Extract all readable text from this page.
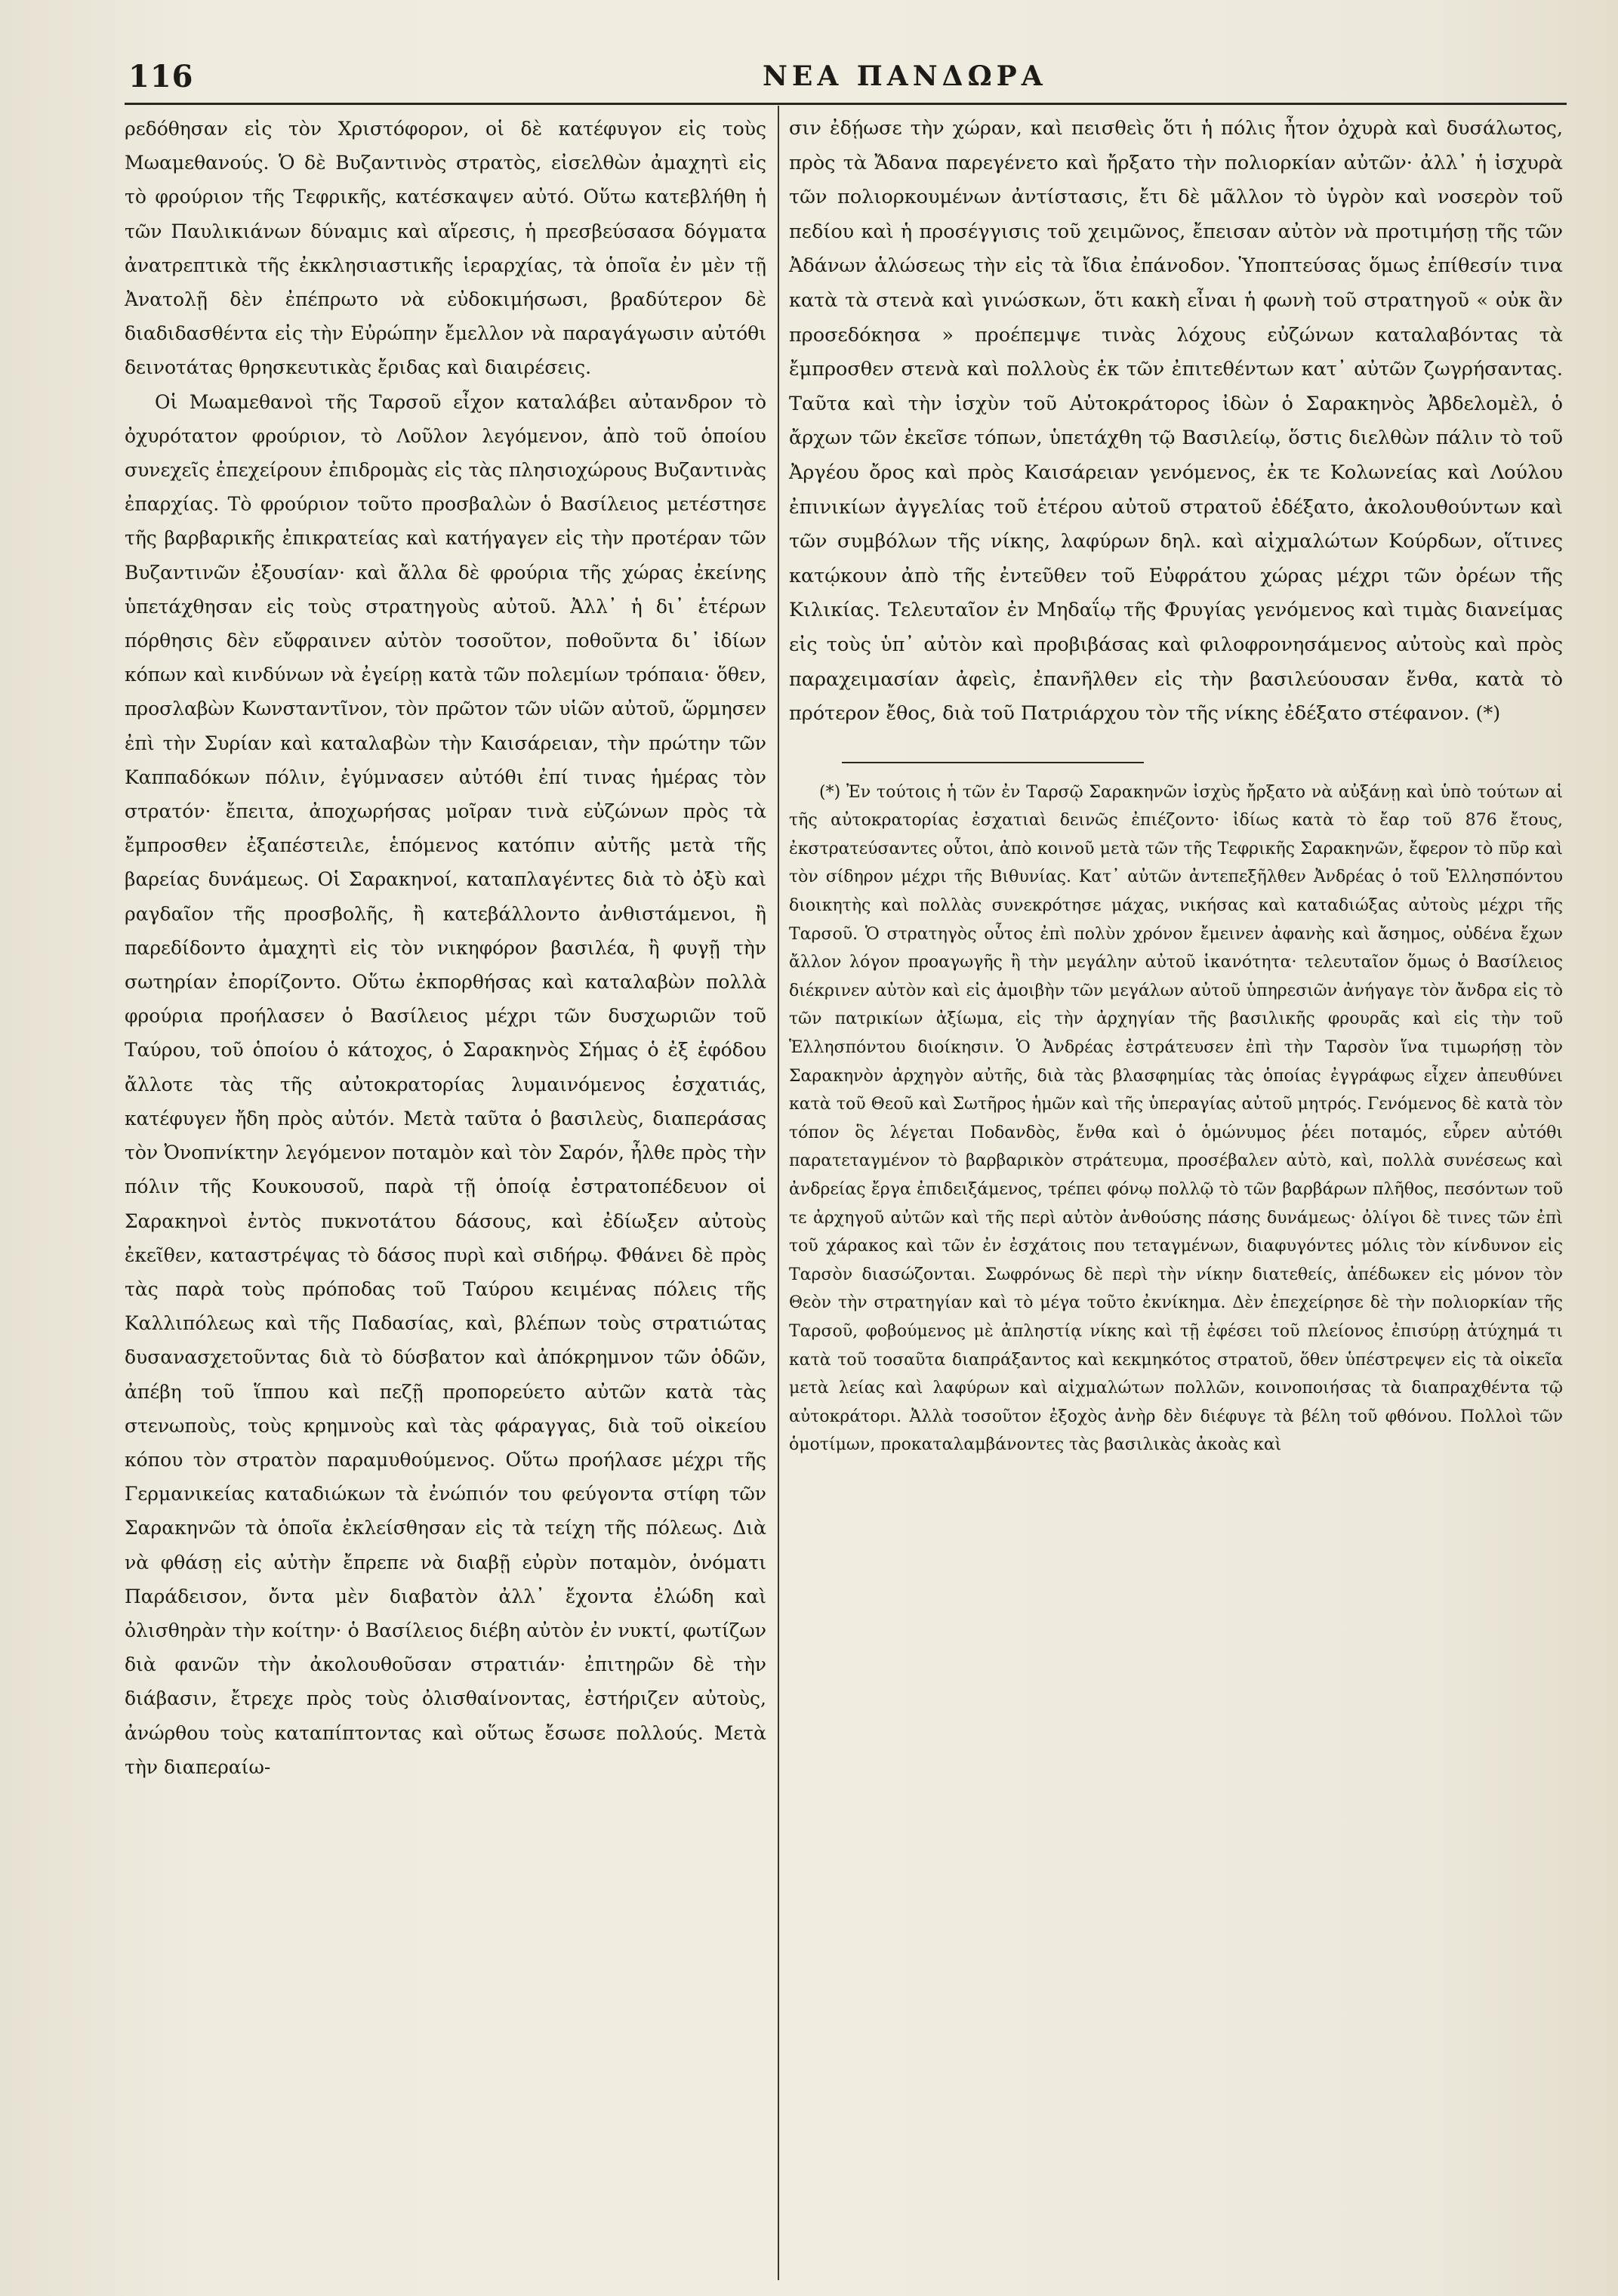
116	ΝΕΑ ΠΑΝΔΩΡΑ

ρεδόθησαν εἰς τὸν Χριστόφορον, οἱ δὲ κατέφυγον εἰς τοὺς Μωαμεθανούς. Ὁ δὲ Βυζαντινὸς στρατὸς, εἰσελθὼν ἀμαχητὶ εἰς τὸ φρούριον τῆς Τεφρικῆς, κατέσκαψεν αὐτό. Οὕτω κατεβλήθη ἡ τῶν Παυλικιάνων δύναμις καὶ αἵρεσις, ἡ πρεσβεύσασα δόγματα ἀνατρεπτικὰ τῆς ἐκκλησιαστικῆς ἱεραρχίας, τὰ ὁποῖα ἐν μὲν τῇ Ἀνατολῇ δὲν ἐπέπρωτο νὰ εὐδοκιμήσωσι, βραδύτερον δὲ διαδιδασθέντα εἰς τὴν Εὐρώπην ἔμελλον νὰ παραγάγωσιν αὐτόθι δεινοτάτας θρησκευτικὰς ἔριδας καὶ διαιρέσεις.

Οἱ Μωαμεθανοὶ τῆς Ταρσοῦ εἶχον καταλάβει αὐτανδρον τὸ ὀχυρότατον φρούριον, τὸ Λοῦλον λεγόμενον, ἀπὸ τοῦ ὁποίου συνεχεῖς ἐπεχείρουν ἐπιδρομὰς εἰς τὰς πλησιοχώρους Βυζαντινὰς ἐπαρχίας. Τὸ φρούριον τοῦτο προσβαλὼν ὁ Βασίλειος μετέστησε τῆς βαρβαρικῆς ἐπικρατείας καὶ κατήγαγεν εἰς τὴν προτέραν τῶν Βυζαντινῶν ἐξουσίαν· καὶ ἄλλα δὲ φρούρια τῆς χώρας ἐκείνης ὑπετάχθησαν εἰς τοὺς στρατηγοὺς αὐτοῦ. Ἀλλ᾽ ἡ δι᾽ ἑτέρων πόρθησις δὲν εὔφραινεν αὐτὸν τοσοῦτον, ποθοῦντα δι᾽ ἰδίων κόπων καὶ κινδύνων νὰ ἐγείρῃ κατὰ τῶν πολεμίων τρόπαια· ὅθεν, προσλαβὼν Κωνσταντῖνον, τὸν πρῶτον τῶν υἱῶν αὐτοῦ, ὥρμησεν ἐπὶ τὴν Συρίαν καὶ καταλαβὼν τὴν Καισάρειαν, τὴν πρώτην τῶν Καππαδόκων πόλιν, ἐγύμνασεν αὐτόθι ἐπί τινας ἡμέρας τὸν στρατόν· ἔπειτα, ἀποχωρήσας μοῖραν τινὰ εὐζώνων πρὸς τὰ ἔμπροσθεν ἐξαπέστειλε, ἑπόμενος κατόπιν αὐτῆς μετὰ τῆς βαρείας δυνάμεως. Οἱ Σαρακηνοί, καταπλαγέντες διὰ τὸ ὀξὺ καὶ ραγδαῖον τῆς προσβολῆς, ἢ κατεβάλλοντο ἀνθιστάμενοι, ἢ παρεδίδοντο ἀμαχητὶ εἰς τὸν νικηφόρον βασιλέα, ἢ φυγῇ τὴν σωτηρίαν ἐπορίζοντο. Οὕτω ἐκπορθήσας καὶ καταλαβὼν πολλὰ φρούρια προήλασεν ὁ Βασίλειος μέχρι τῶν δυσχωριῶν τοῦ Ταύρου, τοῦ ὁποίου ὁ κάτοχος, ὁ Σαρακηνὸς Σήμας ὁ ἐξ ἐφόδου ἄλλοτε τὰς τῆς αὐτοκρατορίας λυμαινόμενος ἐσχατιάς, κατέφυγεν ἤδη πρὸς αὐτόν. Μετὰ ταῦτα ὁ βασιλεὺς, διαπεράσας τὸν Ὀνοπνίκτην λεγόμενον ποταμὸν καὶ τὸν Σαρόν, ἦλθε πρὸς τὴν πόλιν τῆς Κουκουσοῦ, παρὰ τῇ ὁποίᾳ ἐστρατοπέδευον οἱ Σαρακηνοὶ ἐντὸς πυκνοτάτου δάσους, καὶ ἐδίωξεν αὐτοὺς ἐκεῖθεν, καταστρέψας τὸ δάσος πυρὶ καὶ σιδήρῳ. Φθάνει δὲ πρὸς τὰς παρὰ τοὺς πρόποδας τοῦ Ταύρου κειμένας πόλεις τῆς Καλλιπόλεως καὶ τῆς Παδασίας, καὶ, βλέπων τοὺς στρατιώτας δυσανασχετοῦντας διὰ τὸ δύσβατον καὶ ἀπόκρημνον τῶν ὁδῶν, ἀπέβη τοῦ ἵππου καὶ πεζῇ προπορεύετο αὐτῶν κατὰ τὰς στενωποὺς, τοὺς κρημνοὺς καὶ τὰς φάραγγας, διὰ τοῦ οἰκείου κόπου τὸν στρατὸν παραμυθούμενος. Οὕτω προήλασε μέχρι τῆς Γερμανικείας καταδιώκων τὰ ἐνώπιόν του φεύγοντα στίφη τῶν Σαρακηνῶν τὰ ὁποῖα ἐκλείσθησαν εἰς τὰ τείχη τῆς πόλεως. Διὰ νὰ φθάσῃ εἰς αὐτὴν ἔπρεπε νὰ διαβῇ εὐρὺν ποταμὸν, ὀνόματι Παράδεισον, ὄντα μὲν διαβατὸν ἀλλ᾽ ἔχοντα ἐλώδη καὶ ὀλισθηρὰν τὴν κοίτην· ὁ Βασίλειος διέβη αὐτὸν ἐν νυκτί, φωτίζων διὰ φανῶν τὴν ἀκολουθοῦσαν στρατιάν· ἐπιτηρῶν δὲ τὴν διάβασιν, ἔτρεχε πρὸς τοὺς ὀλισθαίνοντας, ἐστήριζεν αὐτοὺς, ἀνώρθου τοὺς καταπίπτοντας καὶ οὕτως ἔσωσε πολλούς. Μετὰ τὴν διαπεραίω-

σιν ἐδῄωσε τὴν χώραν, καὶ πεισθεὶς ὅτι ἡ πόλις ἦτον ὀχυρὰ καὶ δυσάλωτος, πρὸς τὰ Ἄδανα παρεγένετο καὶ ἤρξατο τὴν πολιορκίαν αὐτῶν· ἀλλ᾽ ἡ ἰσχυρὰ τῶν πολιορκουμένων ἀντίστασις, ἔτι δὲ μᾶλλον τὸ ὑγρὸν καὶ νοσερὸν τοῦ πεδίου καὶ ἡ προσέγγισις τοῦ χειμῶνος, ἔπεισαν αὐτὸν νὰ προτιμήσῃ τῆς τῶν Ἀδάνων ἁλώσεως τὴν εἰς τὰ ἴδια ἐπάνοδον. Ὑποπτεύσας ὅμως ἐπίθεσίν τινα κατὰ τὰ στενὰ καὶ γινώσκων, ὅτι κακὴ εἶναι ἡ φωνὴ τοῦ στρατηγοῦ « οὐκ ἂν προσεδόκησα » προέπεμψε τινὰς λόχους εὐζώνων καταλαβόντας τὰ ἔμπροσθεν στενὰ καὶ πολλοὺς ἐκ τῶν ἐπιτεθέντων κατ᾽ αὐτῶν ζωγρήσαντας. Ταῦτα καὶ τὴν ἰσχὺν τοῦ Αὐτοκράτορος ἰδὼν ὁ Σαρακηνὸς Ἀβδελομὲλ, ὁ ἄρχων τῶν ἐκεῖσε τόπων, ὑπετάχθη τῷ Βασιλείῳ, ὅστις διελθὼν πάλιν τὸ τοῦ Ἀργέου ὄρος καὶ πρὸς Καισάρειαν γενόμενος, ἐκ τε Κολωνείας καὶ Λούλου ἐπινικίων ἀγγελίας τοῦ ἑτέρου αὐτοῦ στρατοῦ ἐδέξατο, ἀκολουθούντων καὶ τῶν συμβόλων τῆς νίκης, λαφύρων δηλ. καὶ αἰχμαλώτων Κούρδων, οἵτινες κατῴκουν ἀπὸ τῆς ἐντεῦθεν τοῦ Εὐφράτου χώρας μέχρι τῶν ὀρέων τῆς Κιλικίας. Τελευταῖον ἐν Μηδαΐῳ τῆς Φρυγίας γενόμενος καὶ τιμὰς διανείμας εἰς τοὺς ὑπ᾽ αὐτὸν καὶ προβιβάσας καὶ φιλοφρονησάμενος αὐτοὺς καὶ πρὸς παραχειμασίαν ἀφεὶς, ἐπανῆλθεν εἰς τὴν βασιλεύουσαν ἔνθα, κατὰ τὸ πρότερον ἔθος, διὰ τοῦ Πατριάρχου τὸν τῆς νίκης ἐδέξατο στέφανον. (*)

(*) Ἐν τούτοις ἡ τῶν ἐν Ταρσῷ Σαρακηνῶν ἰσχὺς ἤρξατο νὰ αὐξάνῃ καὶ ὑπὸ τούτων αἱ τῆς αὐτοκρατορίας ἐσχατιαὶ δεινῶς ἐπιέζοντο· ἰδίως κατὰ τὸ ἔαρ τοῦ 876 ἔτους, ἐκστρατεύσαντες οὗτοι, ἀπὸ κοινοῦ μετὰ τῶν τῆς Τεφρικῆς Σαρακηνῶν, ἔφερον τὸ πῦρ καὶ τὸν σίδηρον μέχρι τῆς Βιθυνίας. Κατ᾽ αὐτῶν ἀντεπεξῆλθεν Ἀνδρέας ὁ τοῦ Ἑλλησπόντου διοικητὴς καὶ πολλὰς συνεκρότησε μάχας, νικήσας καὶ καταδιώξας αὐτοὺς μέχρι τῆς Ταρσοῦ. Ὁ στρατηγὸς οὗτος ἐπὶ πολὺν χρόνον ἔμεινεν ἀφανὴς καὶ ἄσημος, οὐδένα ἔχων ἄλλον λόγον προαγωγῆς ἢ τὴν μεγάλην αὐτοῦ ἱκανότητα· τελευταῖον ὅμως ὁ Βασίλειος διέκρινεν αὐτὸν καὶ εἰς ἀμοιβὴν τῶν μεγάλων αὐτοῦ ὑπηρεσιῶν ἀνήγαγε τὸν ἄνδρα εἰς τὸ τῶν πατρικίων ἀξίωμα, εἰς τὴν ἀρχηγίαν τῆς βασιλικῆς φρουρᾶς καὶ εἰς τὴν τοῦ Ἑλλησπόντου διοίκησιν. Ὁ Ἀνδρέας ἐστράτευσεν ἐπὶ τὴν Ταρσὸν ἵνα τιμωρήσῃ τὸν Σαρακηνὸν ἀρχηγὸν αὐτῆς, διὰ τὰς βλασφημίας τὰς ὁποίας ἐγγράφως εἶχεν ἀπευθύνει κατὰ τοῦ Θεοῦ καὶ Σωτῆρος ἡμῶν καὶ τῆς ὑπεραγίας αὐτοῦ μητρός. Γενόμενος δὲ κατὰ τὸν τόπον ὃς λέγεται Ποδανδὸς, ἔνθα καὶ ὁ ὁμώνυμος ῥέει ποταμός, εὗρεν αὐτόθι παρατεταγμένον τὸ βαρβαρικὸν στράτευμα, προσέβαλεν αὐτὸ, καὶ, πολλὰ συνέσεως καὶ ἀνδρείας ἔργα ἐπιδειξάμενος, τρέπει φόνῳ πολλῷ τὸ τῶν βαρβάρων πλῆθος, πεσόντων τοῦ τε ἀρχηγοῦ αὐτῶν καὶ τῆς περὶ αὐτὸν ἀνθούσης πάσης δυνάμεως· ὀλίγοι δὲ τινες τῶν ἐπὶ τοῦ χάρακος καὶ τῶν ἐν ἐσχάτοις που τεταγμένων, διαφυγόντες μόλις τὸν κίνδυνον εἰς Ταρσὸν διασώζονται. Σωφρόνως δὲ περὶ τὴν νίκην διατεθείς, ἀπέδωκεν εἰς μόνον τὸν Θεὸν τὴν στρατηγίαν καὶ τὸ μέγα τοῦτο ἐκνίκημα. Δὲν ἐπεχείρησε δὲ τὴν πολιορκίαν τῆς Ταρσοῦ, φοβούμενος μὲ ἀπληστίᾳ νίκης καὶ τῇ ἐφέσει τοῦ πλείονος ἐπισύρῃ ἀτύχημά τι κατὰ τοῦ τοσαῦτα διαπράξαντος καὶ κεκμηκότος στρατοῦ, ὅθεν ὑπέστρεψεν εἰς τὰ οἰκεῖα μετὰ λείας καὶ λαφύρων καὶ αἰχμαλώτων πολλῶν, κοινοποιήσας τὰ διαπραχθέντα τῷ αὐτοκράτορι. Ἀλλὰ τοσοῦτον ἐξοχὸς ἀνὴρ δὲν διέφυγε τὰ βέλη τοῦ φθόνου. Πολλοὶ τῶν ὁμοτίμων, προκαταλαμβάνοντες τὰς βασιλικὰς ἀκοὰς καὶ
